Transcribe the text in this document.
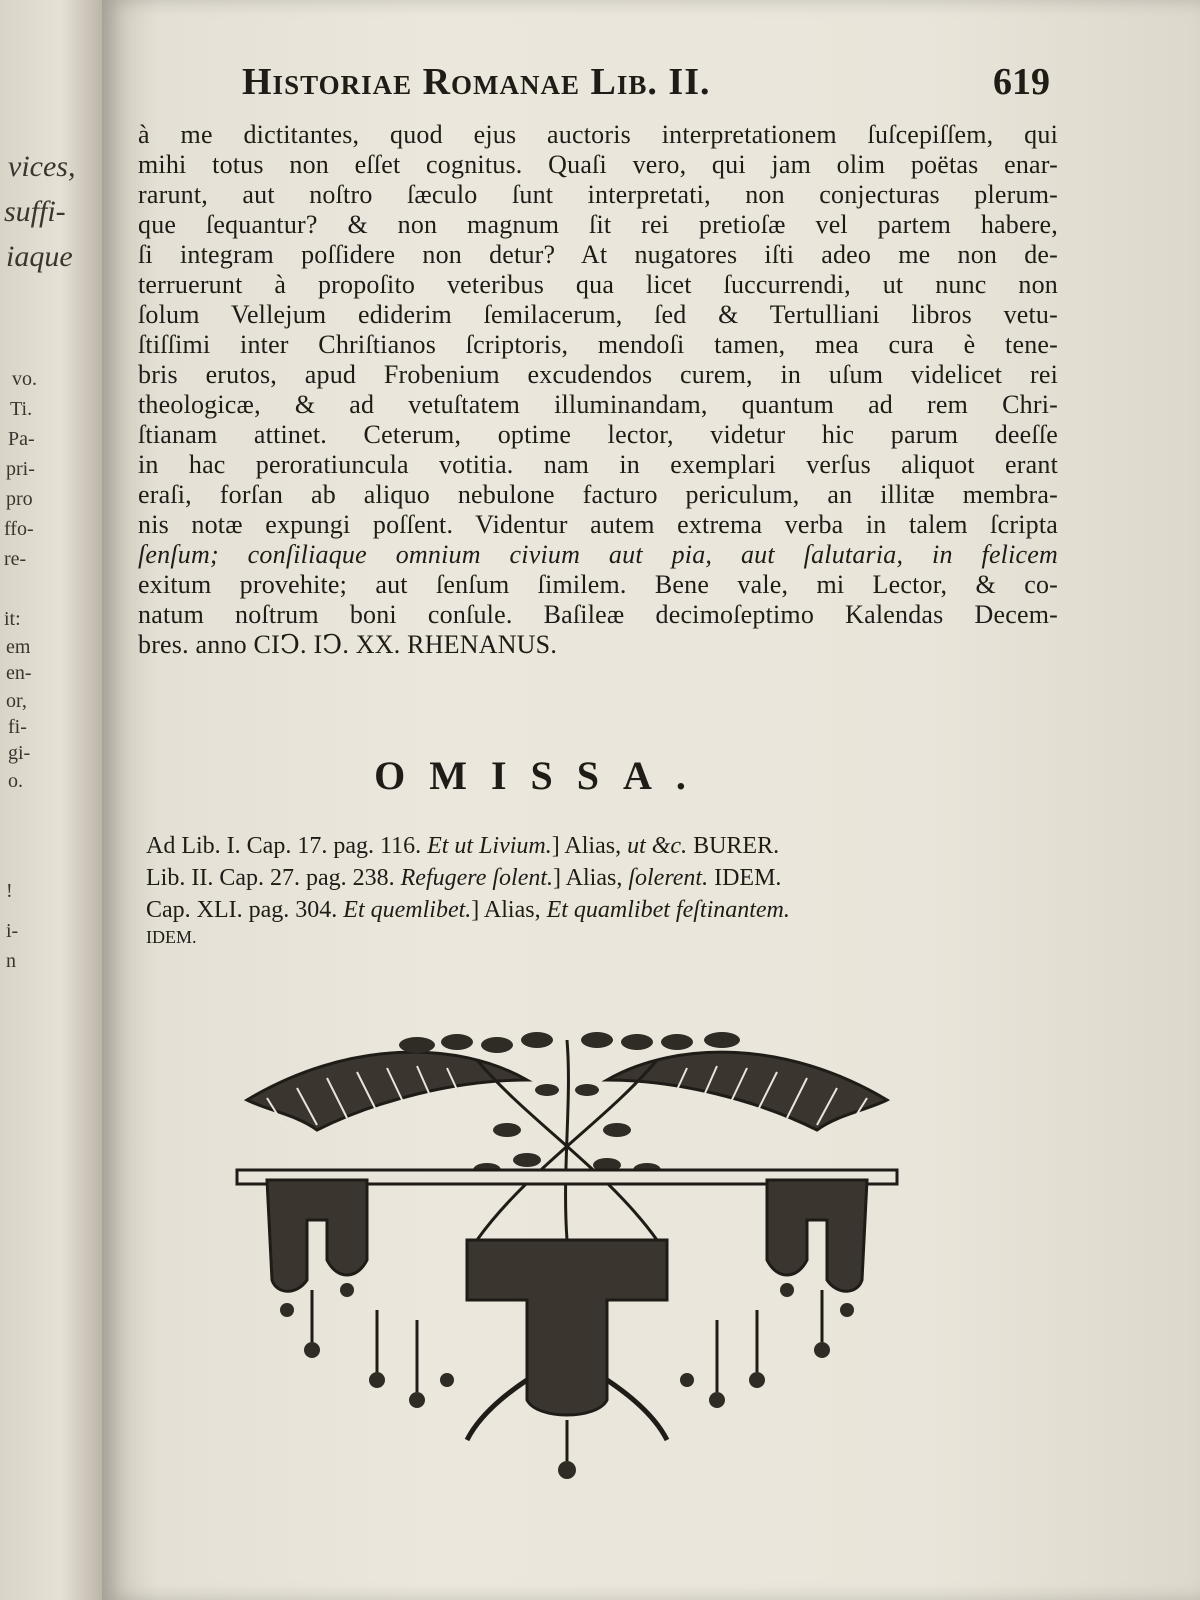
vices,
suffi-
iaque
vo.
Ti.
Pa-
pri-
pro
ffo-
re-
it:
em
en-
or,
fi-
gi-
o.
!
i-
n
Historiae Romanae Lib. II.	619
à me dictitantes, quod ejus auctoris interpretationem ſuſcepiſſem, qui
mihi totus non eſſet cognitus. Quaſi vero, qui jam olim poëtas enar-
rarunt, aut noſtro ſæculo ſunt interpretati, non conjecturas plerum-
que ſequantur? & non magnum ſit rei pretioſæ vel partem habere,
ſi integram poſſidere non detur? At nugatores iſti adeo me non de-
terruerunt à propoſito veteribus qua licet ſuccurrendi, ut nunc non
ſolum Vellejum ediderim ſemilacerum, ſed & Tertulliani libros vetu-
ſtiſſimi inter Chriſtianos ſcriptoris, mendoſi tamen, mea cura è tene-
bris erutos, apud Frobenium excudendos curem, in uſum videlicet rei
theologicæ, & ad vetuſtatem illuminandam, quantum ad rem Chri-
ſtianam attinet. Ceterum, optime lector, videtur hic parum deeſſe
in hac peroratiuncula votitia. nam in exemplari verſus aliquot erant
eraſi, forſan ab aliquo nebulone facturo periculum, an illitæ membra-
nis notæ expungi poſſent. Videntur autem extrema verba in talem ſcripta
ſenſum; conſiliaque omnium civium aut pia, aut ſalutaria, in felicem
exitum provehite; aut ſenſum ſimilem. Bene vale, mi Lector, & co-
natum noſtrum boni conſule. Baſileæ decimoſeptimo Kalendas Decem-
bres. anno CIↃ. IↃ. XX. RHENANUS.
OMISSA.
Ad Lib. I. Cap. 17. pag. 116. Et ut Livium.] Alias, ut &c. BURER.
Lib. II. Cap. 27. pag. 238. Refugere ſolent.] Alias, ſolerent. IDEM.
Cap. XLI. pag. 304. Et quemlibet.] Alias, Et quamlibet feſtinantem.
IDEM.
